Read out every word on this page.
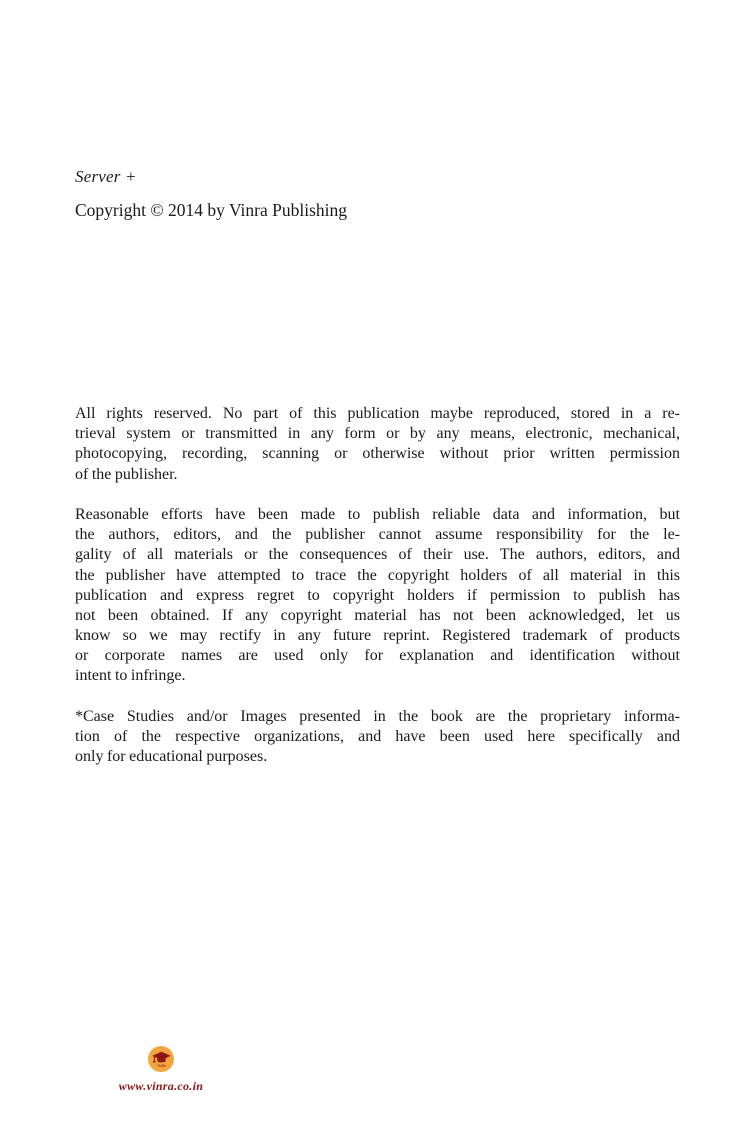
Server +
Copyright © 2014 by Vinra Publishing

All rights reserved. No part of this publication maybe reproduced, stored in a re-
trieval system or transmitted in any form or by any means, electronic, mechanical,
photocopying, recording, scanning or otherwise without prior written permission
of the publisher.

Reasonable efforts have been made to publish reliable data and information, but
the authors, editors, and the publisher cannot assume responsibility for the le-
gality of all materials or the consequences of their use. The authors, editors, and
the publisher have attempted to trace the copyright holders of all material in this
publication and express regret to copyright holders if permission to publish has
not been obtained. If any copyright material has not been acknowledged, let us
know so we may rectify in any future reprint. Registered trademark of products
or corporate names are used only for explanation and identification without
intent to infringe.

*Case Studies and/or Images presented in the book are the proprietary informa-
tion of the respective organizations, and have been used here specifically and
only for educational purposes.

VinRa
www.vinra.co.in
